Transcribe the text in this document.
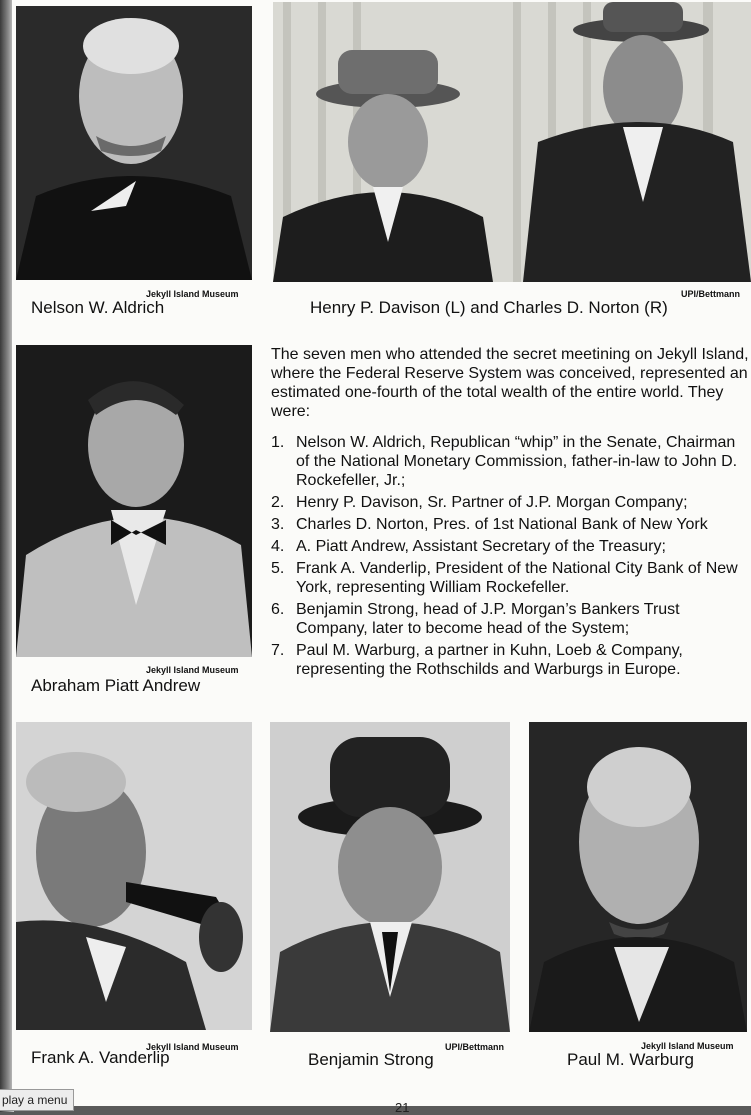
Jekyll Island Museum
Nelson W. Aldrich
UPI/Bettmann
Henry P. Davison (L) and Charles D. Norton (R)
Jekyll Island Museum
Abraham Piatt Andrew
Jekyll Island Museum
Frank A. Vanderlip
UPI/Bettmann
Benjamin Strong
Jekyll Island Museum
Paul M. Warburg
21

The seven men who attended the secret meetining on Jekyll Island, where the Federal Reserve System was conceived, represented an estimated one-fourth of the total wealth of the entire world. They were:

1. Nelson W. Aldrich, Republican “whip” in the Senate, Chairman of the National Monetary Commission, father-in-law to John D. Rockefeller, Jr.;
2. Henry P. Davison, Sr. Partner of J.P. Morgan Company;
3. Charles D. Norton, Pres. of 1st National Bank of New York
4. A. Piatt Andrew, Assistant Secretary of the Treasury;
5. Frank A. Vanderlip, President of the National City Bank of New York, representing William Rockefeller.
6. Benjamin Strong, head of J.P. Morgan’s Bankers Trust Company, later to become head of the System;
7. Paul M. Warburg, a partner in Kuhn, Loeb & Company, representing the Rothschilds and Warburgs in Europe.
play a menu
